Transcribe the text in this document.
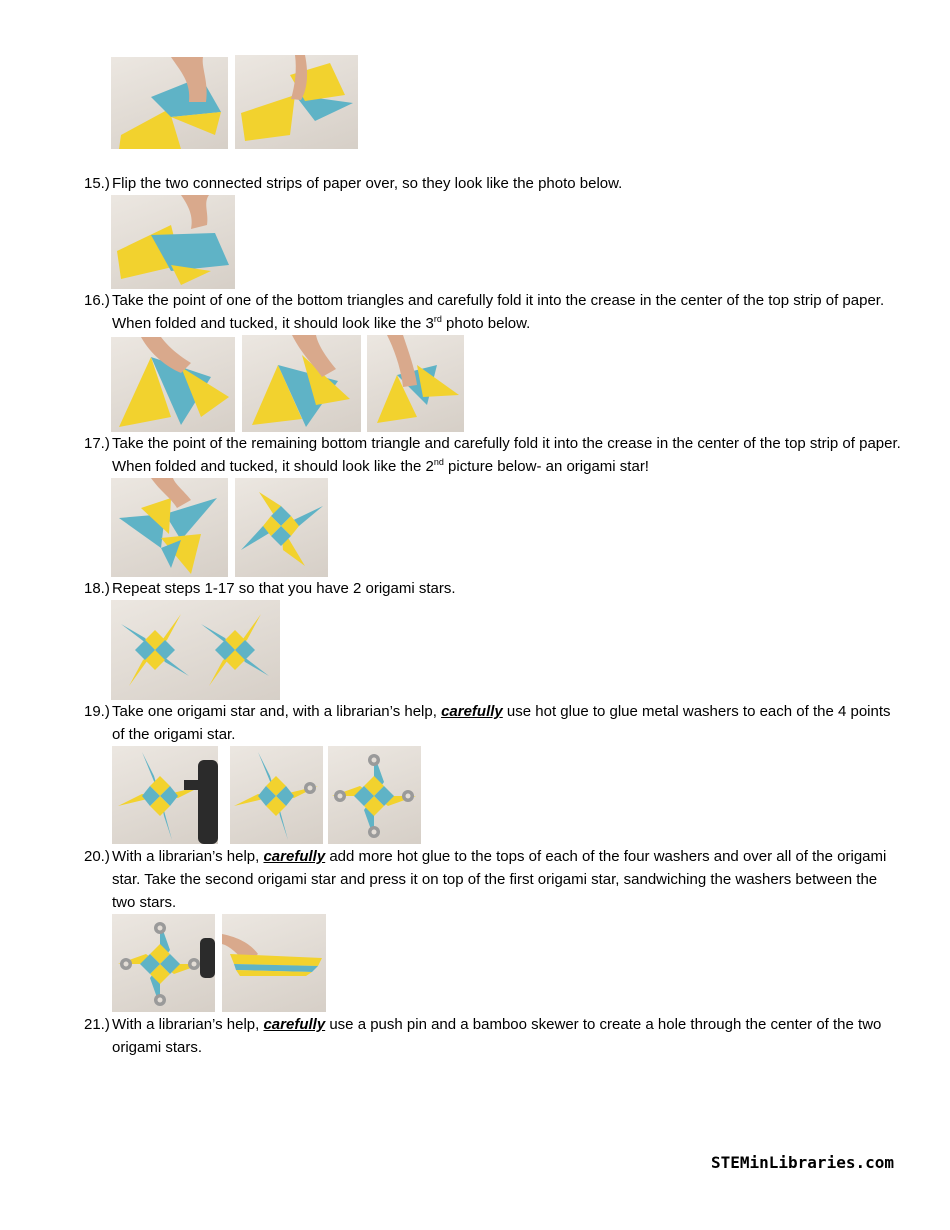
15.) Flip the two connected strips of paper over, so they look like the photo below.
16.) Take the point of one of the bottom triangles and carefully fold it into the crease in the center of the top strip of paper. When folded and tucked, it should look like the 3rd photo below.
17.) Take the point of the remaining bottom triangle and carefully fold it into the crease in the center of the top strip of paper. When folded and tucked, it should look like the 2nd picture below- an origami star!
18.) Repeat steps 1-17 so that you have 2 origami stars.
19.) Take one origami star and, with a librarian’s help, carefully use hot glue to glue metal washers to each of the 4 points of the origami star.
20.) With a librarian’s help, carefully add more hot glue to the tops of each of the four washers and over all of the origami star. Take the second origami star and press it on top of the first origami star, sandwiching the washers between the two stars.
21.) With a librarian’s help, carefully use a push pin and a bamboo skewer to create a hole through the center of the two origami stars.
STEMinLibraries.com
